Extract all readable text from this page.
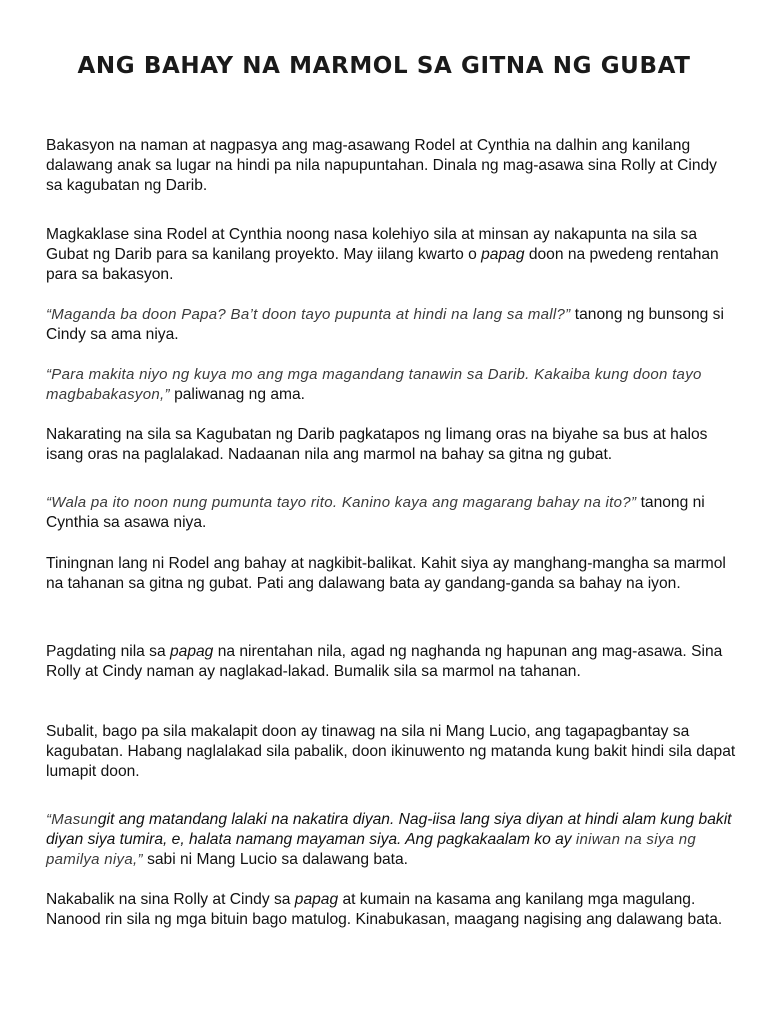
ANG BAHAY NA MARMOL SA GITNA NG GUBAT

Bakasyon na naman at nagpasya ang mag-asawang Rodel at Cynthia na dalhin ang kanilang dalawang anak sa lugar na hindi pa nila napupuntahan. Dinala ng mag-asawa sina Rolly at Cindy sa kagubatan ng Darib.

Magkaklase sina Rodel at Cynthia noong nasa kolehiyo sila at minsan ay nakapunta na sila sa Gubat ng Darib para sa kanilang proyekto. May iilang kwarto o papag doon na pwedeng rentahan para sa bakasyon.

“Maganda ba doon Papa? Ba’t doon tayo pupunta at hindi na lang sa mall?” tanong ng bunsong si Cindy sa ama niya.

“Para makita niyo ng kuya mo ang mga magandang tanawin sa Darib. Kakaiba kung doon tayo magbabakasyon,” paliwanag ng ama.

Nakarating na sila sa Kagubatan ng Darib pagkatapos ng limang oras na biyahe sa bus at halos isang oras na paglalakad. Nadaanan nila ang marmol na bahay sa gitna ng gubat.

“Wala pa ito noon nung pumunta tayo rito. Kanino kaya ang magarang bahay na ito?” tanong ni Cynthia sa asawa niya.

Tiningnan lang ni Rodel ang bahay at nagkibit-balikat. Kahit siya ay manghang-mangha sa marmol na tahanan sa gitna ng gubat. Pati ang dalawang bata ay gandang-ganda sa bahay na iyon.

Pagdating nila sa papag na nirentahan nila, agad ng naghanda ng hapunan ang mag-asawa. Sina Rolly at Cindy naman ay naglakad-lakad. Bumalik sila sa marmol na tahanan.

Subalit, bago pa sila makalapit doon ay tinawag na sila ni Mang Lucio, ang tagapagbantay sa kagubatan. Habang naglalakad sila pabalik, doon ikinuwento ng matanda kung bakit hindi sila dapat lumapit doon.

“Masungit ang matandang lalaki na nakatira diyan. Nag-iisa lang siya diyan at hindi alam kung bakit diyan siya tumira, e, halata namang mayaman siya. Ang pagkakaalam ko ay iniwan na siya ng pamilya niya,” sabi ni Mang Lucio sa dalawang bata.

Nakabalik na sina Rolly at Cindy sa papag at kumain na kasama ang kanilang mga magulang. Nanood rin sila ng mga bituin bago matulog. Kinabukasan, maagang nagising ang dalawang bata.
